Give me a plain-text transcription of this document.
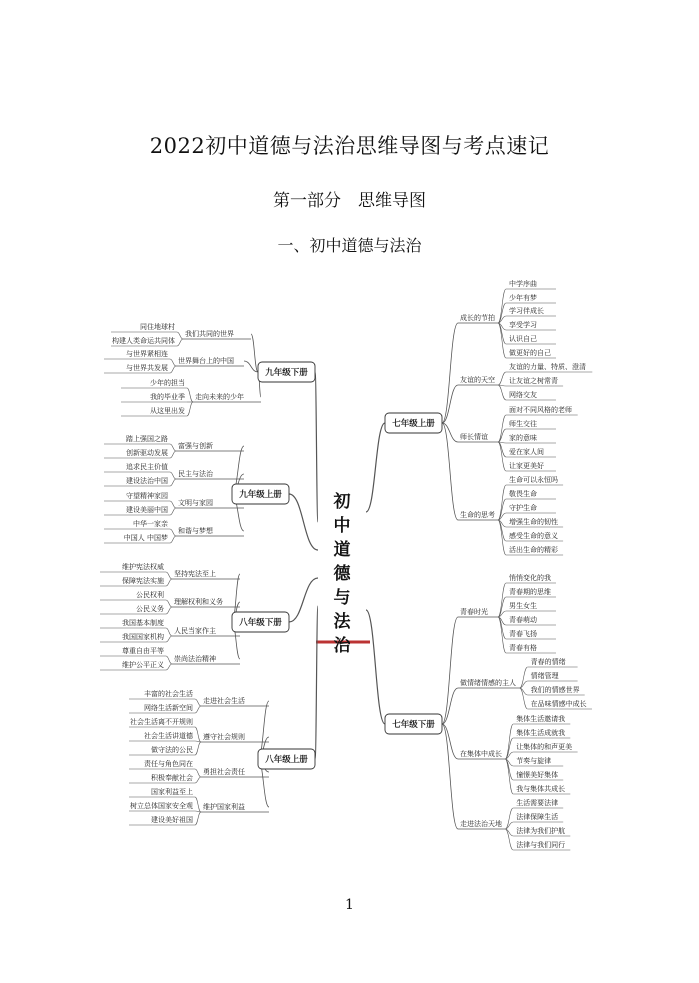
2022初中道德与法治思维导图与考点速记
第一部分　思维导图
一、初中道德与法治
我们共同的世界
同住地球村
构建人类命运共同体
世界舞台上的中国
与世界紧相连
与世界共发展
走向未来的少年
少年的担当
我的毕业季
从这里出发
九年级下册
富强与创新
踏上强国之路
创新驱动发展
民主与法治
追求民主价值
建设法治中国
文明与家园
守望精神家园
建设美丽中国
和谐与梦想
中华一家亲
中国人 中国梦
九年级上册
坚持宪法至上
维护宪法权威
保障宪法实施
理解权利和义务
公民权利
公民义务
人民当家作主
我国基本制度
我国国家机构
崇尚法治精神
尊重自由平等
维护公平正义
八年级下册
走进社会生活
丰富的社会生活
网络生活新空间
遵守社会规则
社会生活离不开规则
社会生活讲道德
做守法的公民
勇担社会责任
责任与角色同在
积极奉献社会
维护国家利益
国家利益至上
树立总体国家安全观
建设美好祖国
八年级上册
成长的节拍
中学序曲
少年有梦
学习伴成长
享受学习
认识自己
做更好的自己
友谊的天空
友谊的力量、特质、澄清
让友谊之树常青
网络交友
师长情谊
面对不同风格的老师
师生交往
家的意味
爱在家人间
让家更美好
生命的思考
生命可以永恒吗
敬畏生命
守护生命
增强生命的韧性
感受生命的意义
活出生命的精彩
七年级上册
青春时光
悄悄变化的我
青春期的思维
男生女生
青春萌动
青春飞扬
青春有格
做情绪情感的主人
青春的情绪
情绪管理
我们的情感世界
在品味情感中成长
在集体中成长
集体生活邀请我
集体生活成就我
让集体的和声更美
节奏与旋律
憧憬美好集体
我与集体共成长
走进法治天地
生活需要法律
法律保障生活
法律为我们护航
法律与我们同行
七年级下册
初
中
道
德
与
法
治
1
